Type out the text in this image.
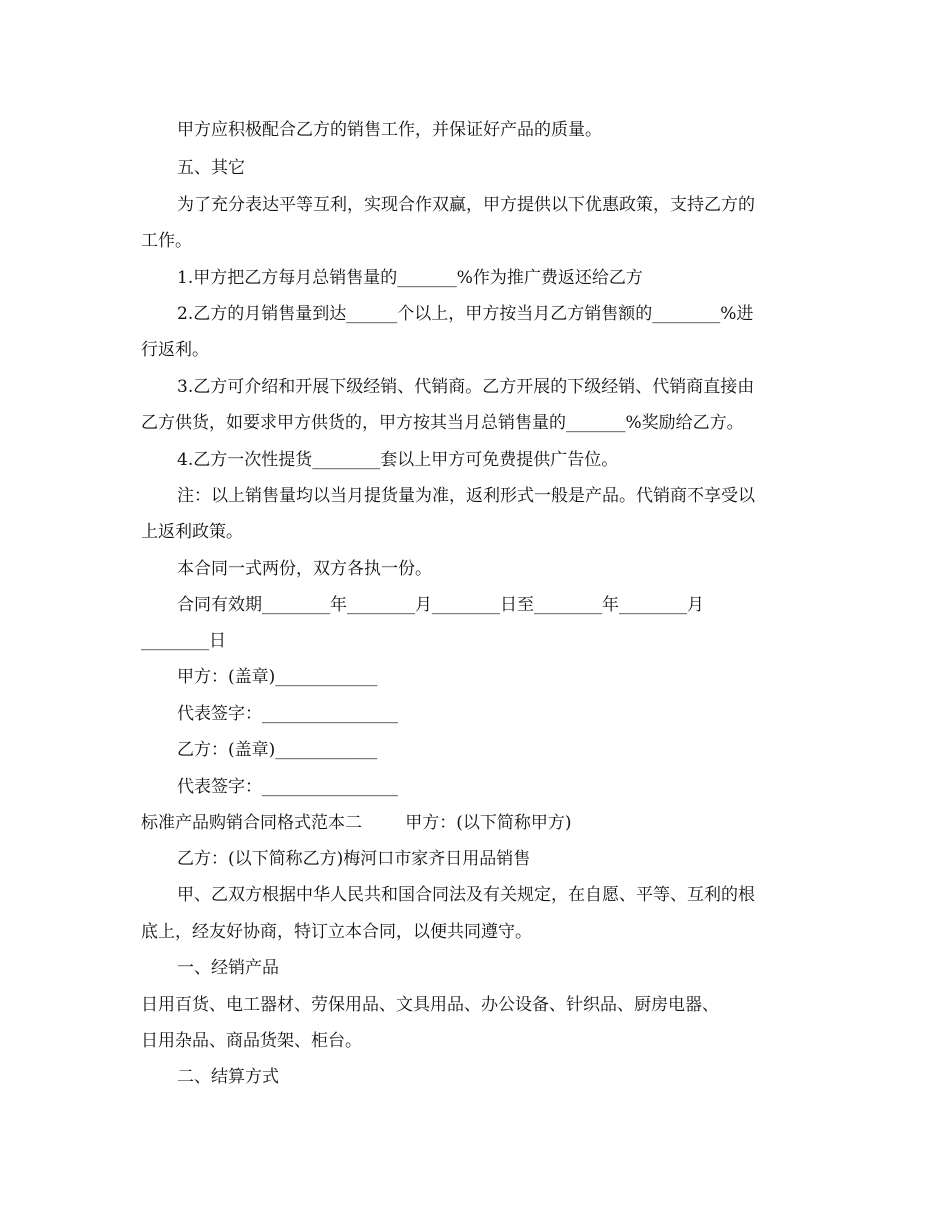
甲方应积极配合乙方的销售工作，并保证好产品的质量。
五、其它
为了充分表达平等互利，实现合作双赢，甲方提供以下优惠政策，支持乙方的
工作。
1.甲方把乙方每月总销售量的_______%作为推广费返还给乙方
2.乙方的月销售量到达______个以上，甲方按当月乙方销售额的________%进
行返利。
3.乙方可介绍和开展下级经销、代销商。乙方开展的下级经销、代销商直接由
乙方供货，如要求甲方供货的，甲方按其当月总销售量的_______%奖励给乙方。
4.乙方一次性提货________套以上甲方可免费提供广告位。
注：以上销售量均以当月提货量为准，返利形式一般是产品。代销商不享受以
上返利政策。
本合同一式两份，双方各执一份。
合同有效期________年________月________日至________年________月
________日
甲方：(盖章)____________
代表签字：________________
乙方：(盖章)____________
代表签字：________________
标准产品购销合同格式范本二        甲方：(以下简称甲方)
乙方：(以下简称乙方)梅河口市家齐日用品销售
甲、乙双方根据中华人民共和国合同法及有关规定，在自愿、平等、互利的根
底上，经友好协商，特订立本合同，以便共同遵守。
一、经销产品
日用百货、电工器材、劳保用品、文具用品、办公设备、针织品、厨房电器、
日用杂品、商品货架、柜台。
二、结算方式
